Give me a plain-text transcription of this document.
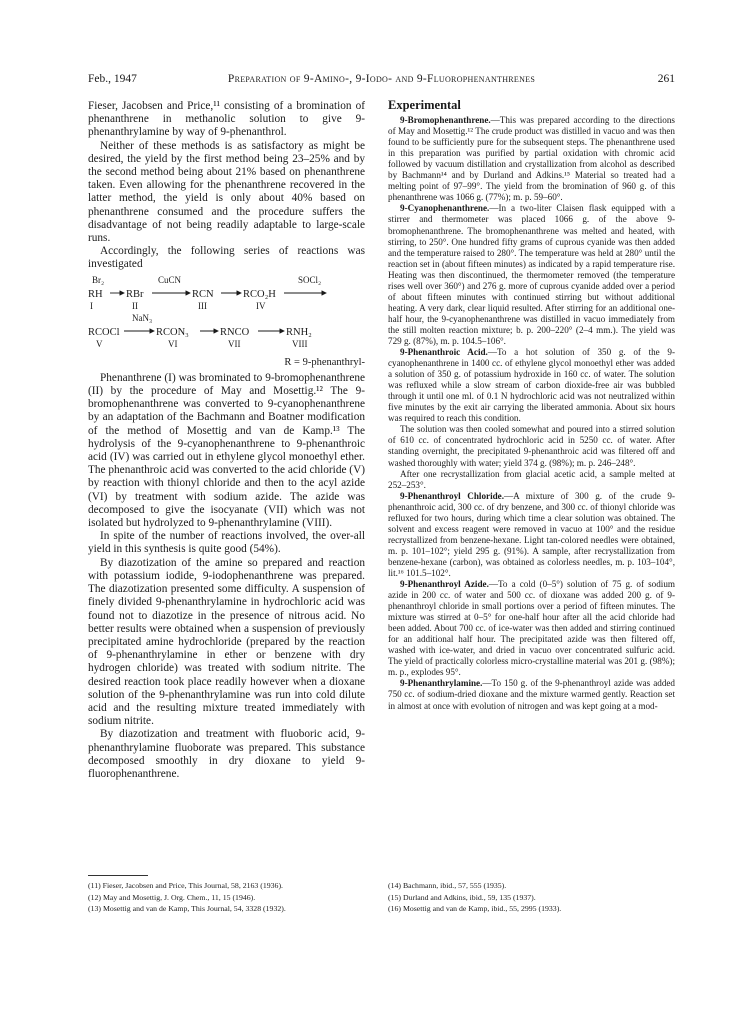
Feb., 1947	Preparation of 9-Amino-, 9-Iodo- and 9-Fluorophenanthrenes	261

Fieser, Jacobsen and Price,¹¹ consisting of a bromination of phenanthrene in methanolic solution to give 9-phenanthrylamine by way of 9-phenanthrol.

Neither of these methods is as satisfactory as might be desired, the yield by the first method being 23–25% and by the second method being about 21% based on phenanthrene taken. Even allowing for the phenanthrene recovered in the latter method, the yield is only about 40% based on phenanthrene consumed and the procedure suffers the disadvantage of not being readily adaptable to large-scale runs.

Accordingly, the following series of reactions was investigated

Br₂	CuCN	SOCl₂
RH RBr	RCN	RCO₂H
I	II	III	IV
NaN₃
RCOCl	RCON₃	RNCO	RNH₂
V	VI	VII	VIII
R = 9-phenanthryl-

Phenanthrene (I) was brominated to 9-bromophenanthrene (II) by the procedure of May and Mosettig.¹² The 9-bromophenanthrene was converted to 9-cyanophenanthrene by an adaptation of the Bachmann and Boatner modification of the method of Mosettig and van de Kamp.¹³ The hydrolysis of the 9-cyanophenanthrene to 9-phenanthroic acid (IV) was carried out in ethylene glycol monoethyl ether. The phenanthroic acid was converted to the acid chloride (V) by reaction with thionyl chloride and then to the acyl azide (VI) by treatment with sodium azide. The azide was decomposed to give the isocyanate (VII) which was not isolated but hydrolyzed to 9-phenanthrylamine (VIII).

In spite of the number of reactions involved, the over-all yield in this synthesis is quite good (54%).

By diazotization of the amine so prepared and reaction with potassium iodide, 9-iodophenanthrene was prepared. The diazotization presented some difficulty. A suspension of finely divided 9-phenanthrylamine in hydrochloric acid was found not to diazotize in the presence of nitrous acid. No better results were obtained when a suspension of previously precipitated amine hydrochloride (prepared by the reaction of 9-phenanthrylamine in ether or benzene with dry hydrogen chloride) was treated with sodium nitrite. The desired reaction took place readily however when a dioxane solution of the 9-phenanthrylamine was run into cold dilute acid and the resulting mixture treated immediately with sodium nitrite.

By diazotization and treatment with fluoboric acid, 9-phenanthrylamine fluoborate was prepared. This substance decomposed smoothly in dry dioxane to yield 9-fluorophenanthrene.

Experimental

9-Bromophenanthrene.—This was prepared according to the directions of May and Mosettig.¹² The crude product was distilled in vacuo and was then found to be sufficiently pure for the subsequent steps. The phenanthrene used in this preparation was purified by partial oxidation with chromic acid followed by vacuum distillation and crystallization from alcohol as described by Bachmann¹⁴ and by Durland and Adkins.¹⁵ Material so treated had a melting point of 97–99°. The yield from the bromination of 960 g. of this phenanthrene was 1066 g. (77%); m. p. 59–60°.

9-Cyanophenanthrene.—In a two-liter Claisen flask equipped with a stirrer and thermometer was placed 1066 g. of the above 9-bromophenanthrene. The bromophenanthrene was melted and heated, with stirring, to 250°. One hundred fifty grams of cuprous cyanide was then added and the temperature raised to 280°. The temperature was held at 280° until the reaction set in (about fifteen minutes) as indicated by a rapid temperature rise. Heating was then discontinued, the thermometer removed (the temperature rises well over 360°) and 276 g. more of cuprous cyanide added over a period of about fifteen minutes with continued stirring but without additional heating. A very dark, clear liquid resulted. After stirring for an additional one-half hour, the 9-cyanophenanthrene was distilled in vacuo immediately from the still molten reaction mixture; b. p. 200–220° (2–4 mm.). The yield was 729 g. (87%), m. p. 104.5–106°.

9-Phenanthroic Acid.—To a hot solution of 350 g. of the 9-cyanophenanthrene in 1400 cc. of ethylene glycol monoethyl ether was added a solution of 350 g. of potassium hydroxide in 160 cc. of water. The solution was refluxed while a slow stream of carbon dioxide-free air was bubbled through it until one ml. of 0.1 N hydrochloric acid was not neutralized within five minutes by the exit air carrying the liberated ammonia. About six hours was required to reach this condition.

The solution was then cooled somewhat and poured into a stirred solution of 610 cc. of concentrated hydrochloric acid in 5250 cc. of water. After standing overnight, the precipitated 9-phenanthroic acid was filtered off and washed thoroughly with water; yield 374 g. (98%); m. p. 246–248°.

After one recrystallization from glacial acetic acid, a sample melted at 252–253°.

9-Phenanthroyl Chloride.—A mixture of 300 g. of the crude 9-phenanthroic acid, 300 cc. of dry benzene, and 300 cc. of thionyl chloride was refluxed for two hours, during which time a clear solution was obtained. The solvent and excess reagent were removed in vacuo at 100° and the residue recrystallized from benzene-hexane. Light tan-colored needles were obtained, m. p. 101–102°; yield 295 g. (91%). A sample, after recrystallization from benzene-hexane (carbon), was obtained as colorless needles, m. p. 103–104°, lit.¹⁶ 101.5–102°.

9-Phenanthroyl Azide.—To a cold (0–5°) solution of 75 g. of sodium azide in 200 cc. of water and 500 cc. of dioxane was added 200 g. of 9-phenanthroyl chloride in small portions over a period of fifteen minutes. The mixture was stirred at 0–5° for one-half hour after all the acid chloride had been added. About 700 cc. of ice-water was then added and stirring continued for an additional half hour. The precipitated azide was then filtered off, washed with ice-water, and dried in vacuo over concentrated sulfuric acid. The yield of practically colorless micro-crystalline material was 201 g. (98%); m. p., explodes 95°.

9-Phenanthrylamine.—To 150 g. of the 9-phenanthroyl azide was added 750 cc. of sodium-dried dioxane and the mixture warmed gently. Reaction set in almost at once with evolution of nitrogen and was kept going at a mod-

(11) Fieser, Jacobsen and Price, This Journal, 58, 2163 (1936).
(12) May and Mosettig, J. Org. Chem., 11, 15 (1946).
(13) Mosettig and van de Kamp, This Journal, 54, 3328 (1932).
(14) Bachmann, ibid., 57, 555 (1935).
(15) Durland and Adkins, ibid., 59, 135 (1937).
(16) Mosettig and van de Kamp, ibid., 55, 2995 (1933).
